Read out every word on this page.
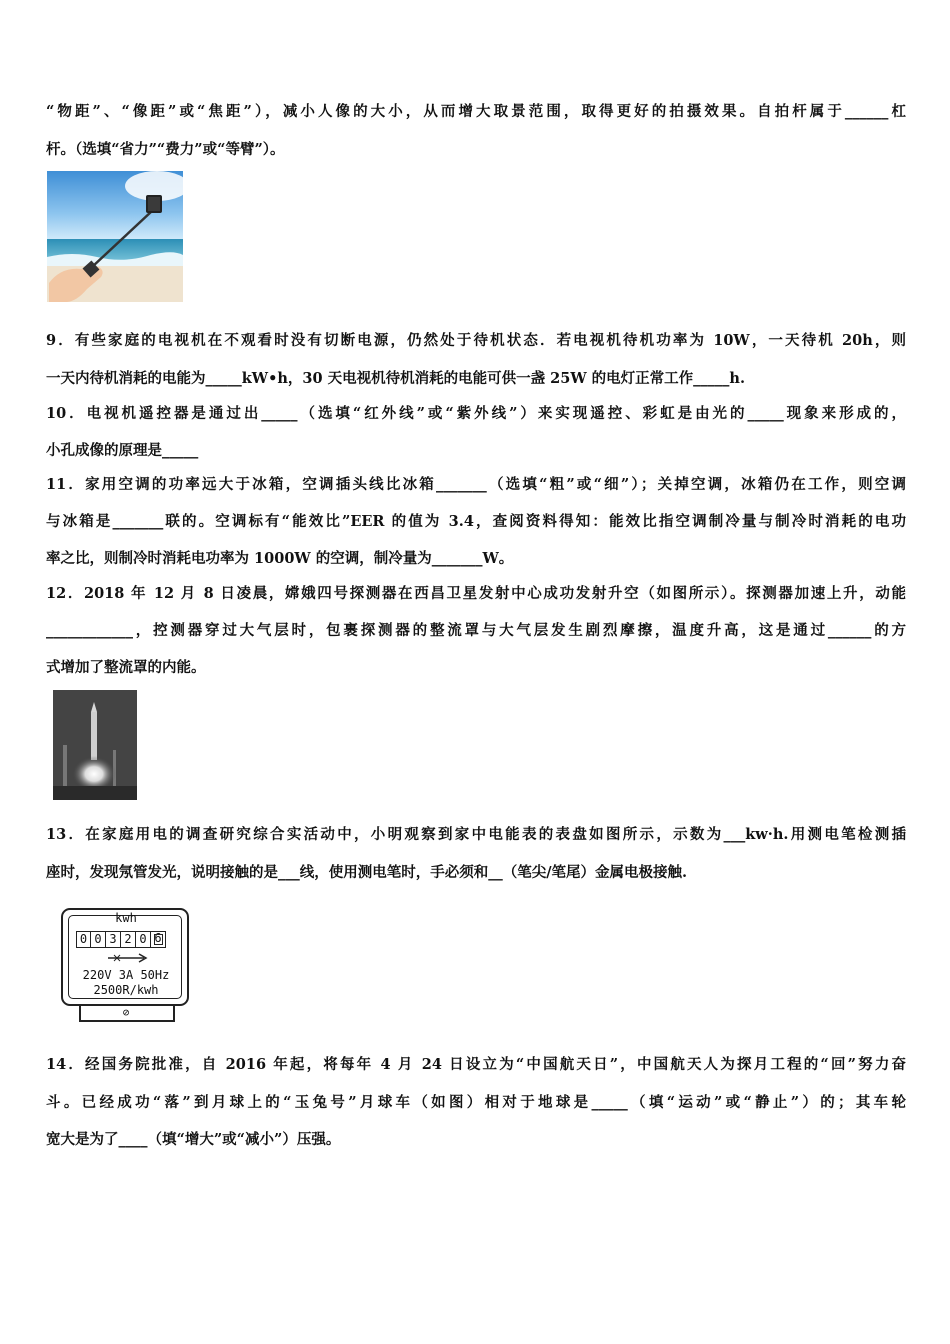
“物距”、“像距”或“焦距”），减小人像的大小，从而增大取景范围，取得更好的拍摄效果。自拍杆属于______杠
杆。（选填“省力”“费力”或“等臂”）。
9．有些家庭的电视机在不观看时没有切断电源，仍然处于待机状态．若电视机待机功率为 10W，一天待机 20h，则
一天内待机消耗的电能为_____kW•h，30 天电视机待机消耗的电能可供一盏 25W 的电灯正常工作_____h.
10．电视机遥控器是通过出_____（选填“红外线”或“紫外线”）来实现遥控、彩虹是由光的_____现象来形成的，
小孔成像的原理是_____
11．家用空调的功率远大于冰箱，空调插头线比冰箱_______（选填“粗”或“细”）；关掉空调，冰箱仍在工作，则空调
与冰箱是_______联的。空调标有“能效比”EER 的值为 3.4，查阅资料得知：能效比指空调制冷量与制冷时消耗的电功
率之比，则制冷时消耗电功率为 1000W 的空调，制冷量为_______W。
12．2018 年 12 月 8 日凌晨，嫦娥四号探测器在西昌卫星发射中心成功发射升空（如图所示）。探测器加速上升，动能
____________，控测器穿过大气层时，包裹探测器的整流罩与大气层发生剧烈摩擦，温度升高，这是通过______的方
式增加了整流罩的内能。
13．在家庭用电的调查研究综合实活动中，小明观察到家中电能表的表盘如图所示，示数为___kw·h.用测电笔检测插
座时，发现氖管发光，说明接触的是___线，使用测电笔时，手必须和__（笔尖/笔尾）金属电极接触.
kwh
0 0 3 2 0 6
220V 3A 50Hz
2500R/kwh
⊘
14．经国务院批准，自 2016 年起，将每年 4 月 24 日设立为“中国航天日”，中国航天人为探月工程的“回”努力奋
斗。已经成功“落”到月球上的“玉兔号”月球车（如图）相对于地球是_____（填“运动”或“静止”）的；其车轮
宽大是为了____（填“增大”或“减小”）压强。
